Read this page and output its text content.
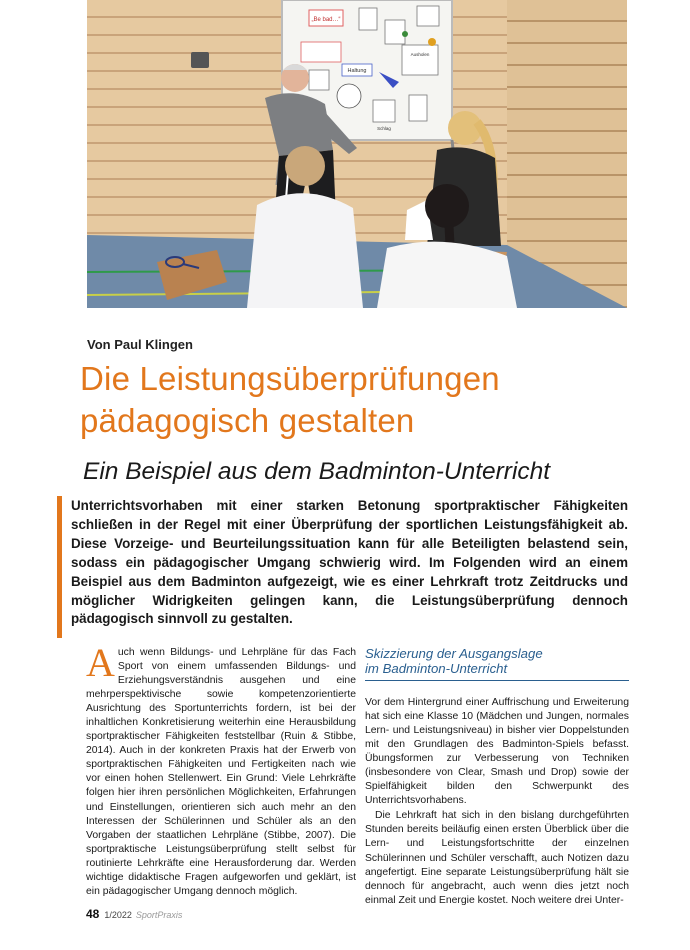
„Be bad…“
Haltung
Ausholen
Schlag
Von Paul Klingen
Die Leistungsüberprüfungen
pädagogisch gestalten
Ein Beispiel aus dem Badminton-Unterricht

Unterrichtsvorhaben mit einer starken Betonung sportpraktischer Fähigkeiten schließen in der Regel mit einer Überprüfung der sportlichen Leistungsfähigkeit ab. Diese Vorzeige- und Beurteilungssituation kann für alle Beteiligten belastend sein, sodass ein pädagogischer Umgang schwierig wird. Im Folgenden wird an einem Beispiel aus dem Badminton aufgezeigt, wie es einer Lehrkraft trotz Zeitdrucks und möglicher Widrigkeiten gelingen kann, die Leistungsüberprüfung dennoch pädagogisch sinnvoll zu gestalten.

Auch wenn Bildungs- und Lehrpläne für das Fach Sport von einem umfassenden Bildungs- und Erziehungsverständnis ausgehen und eine mehrperspektivische sowie kompetenzorientierte Ausrichtung des Sportunterrichts fordern, ist bei der inhaltlichen Konkretisierung weiterhin eine Herausbildung sportpraktischer Fähigkeiten feststellbar (Ruin & Stibbe, 2014). Auch in der konkreten Praxis hat der Erwerb von sportpraktischen Fähigkeiten und Fertigkeiten nach wie vor einen hohen Stellenwert. Ein Grund: Viele Lehrkräfte folgen hier ihren persönlichen Möglichkeiten, Erfahrungen und Einstellungen, orientieren sich auch mehr an den Interessen der Schülerinnen und Schüler als an den Vorgaben der staatlichen Lehrpläne (Stibbe, 2007). Die sportpraktische Leistungsüberprüfung stellt selbst für routinierte Lehrkräfte eine Herausforderung dar. Werden wichtige didaktische Fragen aufgeworfen und geklärt, ist ein pädagogischer Umgang dennoch möglich.
Skizzierung der Ausgangslage
im Badminton-Unterricht

Vor dem Hintergrund einer Auffrischung und Erweiterung hat sich eine Klasse 10 (Mädchen und Jungen, normales Lern- und Leistungsniveau) in bisher vier Doppelstunden mit den Grundlagen des Badminton-Spiels befasst. Übungsformen zur Verbesserung von Techniken (insbesondere von Clear, Smash und Drop) sowie der Spielfähigkeit bilden den Schwerpunkt des Unterrichtsvorhabens.

Die Lehrkraft hat sich in den bislang durchgeführten Stunden bereits beiläufig einen ersten Überblick über die Lern- und Leistungsfortschritte der einzelnen Schülerinnen und Schüler verschafft, auch Notizen dazu angefertigt. Eine separate Leistungsüberprüfung hält sie dennoch für angebracht, auch wenn dies jetzt noch einmal Zeit und Energie kostet. Noch weitere drei Unter-

48 1/2022 SportPraxis
